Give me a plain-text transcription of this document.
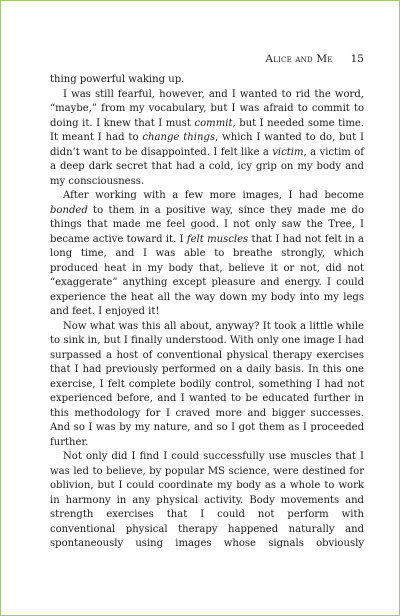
Alice and Me 15

thing powerful waking up.

I was still fearful, however, and I wanted to rid the word, “maybe,” from my vocabulary, but I was afraid to commit to doing it. I knew that I must commit, but I needed some time. It meant I had to change things, which I wanted to do, but I didn’t want to be disappointed. I felt like a victim, a victim of a deep dark secret that had a cold, icy grip on my body and my consciousness.

After working with a few more images, I had become bonded to them in a positive way, since they made me do things that made me feel good. I not only saw the Tree, I became active toward it. I felt muscles that I had not felt in a long time, and I was able to breathe strongly, which produced heat in my body that, believe it or not, did not “exaggerate” anything except pleasure and energy. I could experience the heat all the way down my body into my legs and feet. I enjoyed it!

Now what was this all about, anyway? It took a little while to sink in, but I finally understood. With only one image I had surpassed a host of conventional physical therapy exercises that I had previously performed on a daily basis. In this one exercise, I felt complete bodily control, something I had not experienced before, and I wanted to be educated further in this methodology for I craved more and bigger successes. And so I was by my nature, and so I got them as I proceeded further.

Not only did I find I could successfully use muscles that I was led to believe, by popular MS science, were destined for oblivion, but I could coordinate my body as a whole to work in harmony in any physical activity. Body movements and strength exercises that I could not perform with conventional physical therapy happened naturally and spontaneously using images whose signals obviously
